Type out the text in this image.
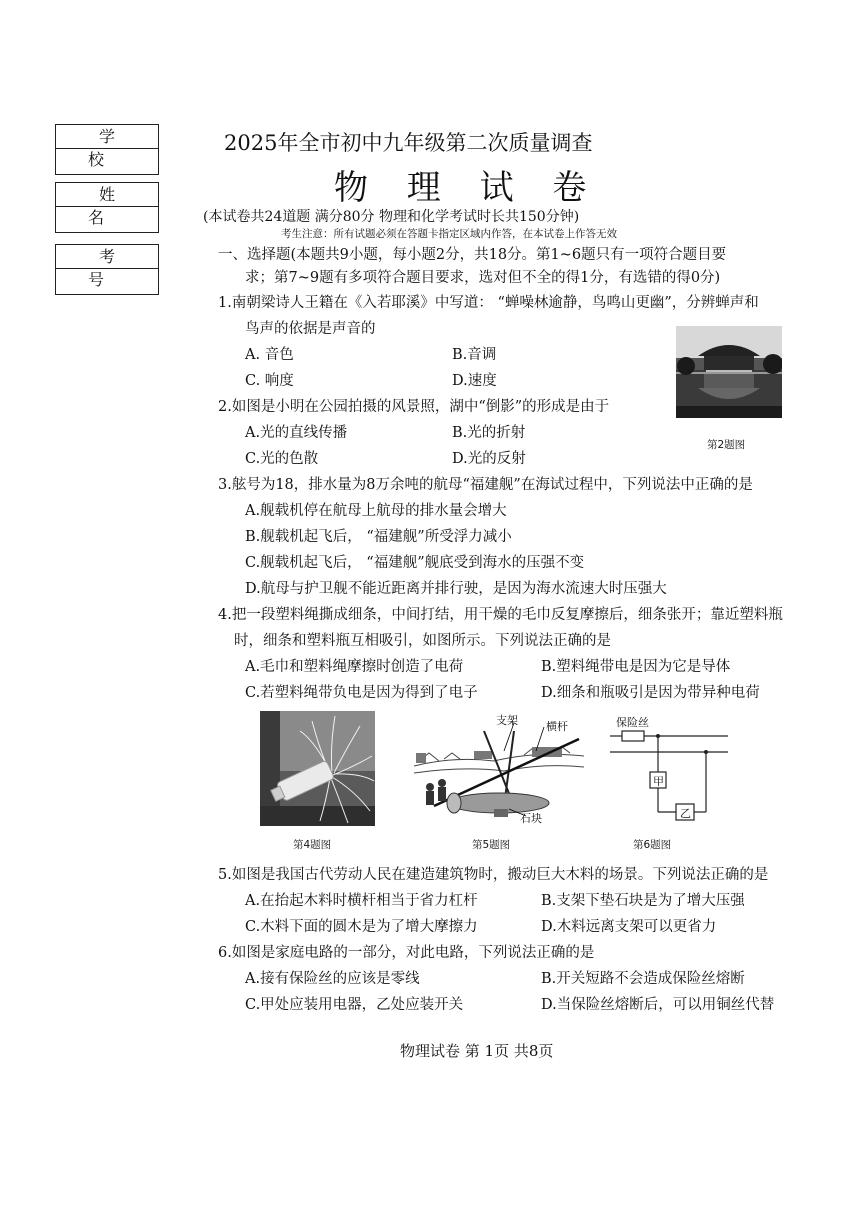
学 校
姓 名
考 号
2025年全市初中九年级第二次质量调查
物 理 试 卷
(本试卷共24道题 满分80分 物理和化学考试时长共150分钟)
考生注意：所有试题必须在答题卡指定区域内作答，在本试卷上作答无效
一、选择题(本题共9小题，每小题2分，共18分。第1~6题只有一项符合题目要
求；第7~9题有多项符合题目要求，选对但不全的得1分，有选错的得0分)
1.南朝梁诗人王籍在《入若耶溪》中写道： “蝉噪林逾静，鸟鸣山更幽”，分辨蝉声和
鸟声的依据是声音的
A. 音色	B.音调
C. 响度	D.速度
第2题图
2.如图是小明在公园拍摄的风景照，湖中“倒影”的形成是由于
A.光的直线传播	B.光的折射
C.光的色散	D.光的反射
3.舷号为18，排水量为8万余吨的航母“福建舰”在海试过程中，下列说法中正确的是
A.舰载机停在航母上航母的排水量会增大
B.舰载机起飞后， “福建舰”所受浮力减小
C.舰载机起飞后， “福建舰”舰底受到海水的压强不变
D.航母与护卫舰不能近距离并排行驶，是因为海水流速大时压强大
4.把一段塑料绳撕成细条，中间打结，用干燥的毛巾反复摩擦后，细条张开；靠近塑料瓶
时，细条和塑料瓶互相吸引，如图所示。下列说法正确的是
A.毛巾和塑料绳摩擦时创造了电荷	B.塑料绳带电是因为它是导体
C.若塑料绳带负电是因为得到了电子	D.细条和瓶吸引是因为带异种电荷
第4题图
支架	横杆
石块
第5题图
保险丝
甲
乙
第6题图
5.如图是我国古代劳动人民在建造建筑物时，搬动巨大木料的场景。下列说法正确的是
A.在抬起木料时横杆相当于省力杠杆	B.支架下垫石块是为了增大压强
C.木料下面的圆木是为了增大摩擦力	D.木料远离支架可以更省力
6.如图是家庭电路的一部分，对此电路，下列说法正确的是
A.接有保险丝的应该是零线	B.开关短路不会造成保险丝熔断
C.甲处应装用电器，乙处应装开关	D.当保险丝熔断后，可以用铜丝代替
物理试卷 第 1页 共8页
